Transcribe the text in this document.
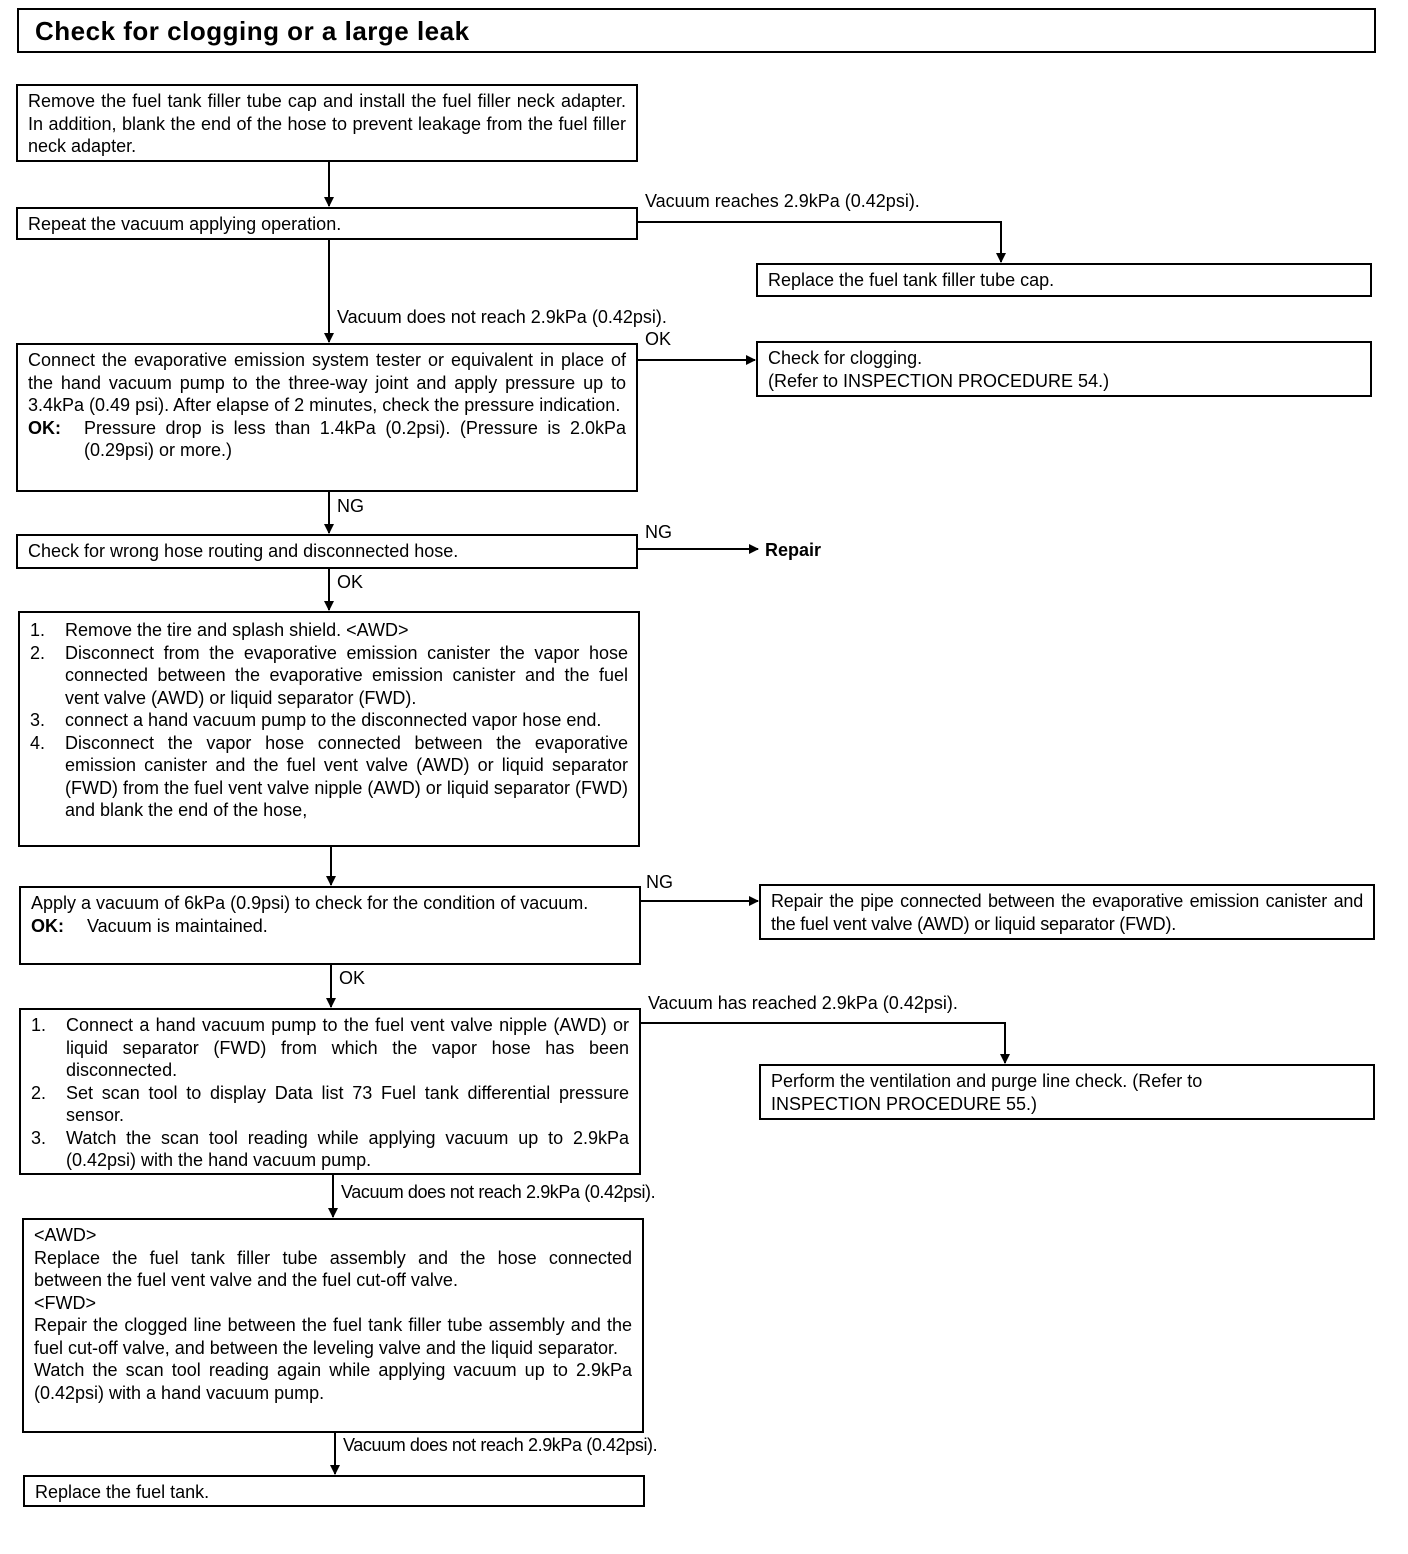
Check for clogging or a large leak
Remove the fuel tank filler tube cap and install the fuel filler neck adapter. In addition, blank the end of the hose to prevent leakage from the fuel filler neck adapter.
Repeat the vacuum applying operation.
Vacuum reaches 2.9kPa (0.42psi).
Replace the fuel tank filler tube cap.
Vacuum does not reach 2.9kPa (0.42psi).
OK
Connect the evaporative emission system tester or equivalent in place of the hand vacuum pump to the three-way joint and apply pressure up to 3.4kPa (0.49 psi). After elapse of 2 minutes, check the pressure indication.
OK: Pressure drop is less than 1.4kPa (0.2psi). (Pressure is 2.0kPa (0.29psi) or more.)
Check for clogging.
(Refer to INSPECTION PROCEDURE 54.)
NG
Check for wrong hose routing and disconnected hose.
NG
Repair
OK
1. Remove the tire and splash shield. <AWD>
2. Disconnect from the evaporative emission canister the vapor hose connected between the evaporative emission canister and the fuel vent valve (AWD) or liquid separator (FWD).
3. connect a hand vacuum pump to the disconnected vapor hose end.
4. Disconnect the vapor hose connected between the evaporative emission canister and the fuel vent valve (AWD) or liquid separator (FWD) from the fuel vent valve nipple (AWD) or liquid separator (FWD) and blank the end of the hose,
Apply a vacuum of 6kPa (0.9psi) to check for the condition of vacuum.
OK: Vacuum is maintained.
NG
Repair the pipe connected between the evaporative emission canister and the fuel vent valve (AWD) or liquid separator (FWD).
OK
Vacuum has reached 2.9kPa (0.42psi).
1. Connect a hand vacuum pump to the fuel vent valve nipple (AWD) or liquid separator (FWD) from which the vapor hose has been disconnected.
2. Set scan tool to display Data list 73 Fuel tank differential pressure sensor.
3. Watch the scan tool reading while applying vacuum up to 2.9kPa (0.42psi) with the hand vacuum pump.
Perform the ventilation and purge line check. (Refer to INSPECTION PROCEDURE 55.)
Vacuum does not reach 2.9kPa (0.42psi).
<AWD>
Replace the fuel tank filler tube assembly and the hose connected between the fuel vent valve and the fuel cut-off valve.
<FWD>
Repair the clogged line between the fuel tank filler tube assembly and the fuel cut-off valve, and between the leveling valve and the liquid separator.
Watch the scan tool reading again while applying vacuum up to 2.9kPa (0.42psi) with a hand vacuum pump.
Vacuum does not reach 2.9kPa (0.42psi).
Replace the fuel tank.
